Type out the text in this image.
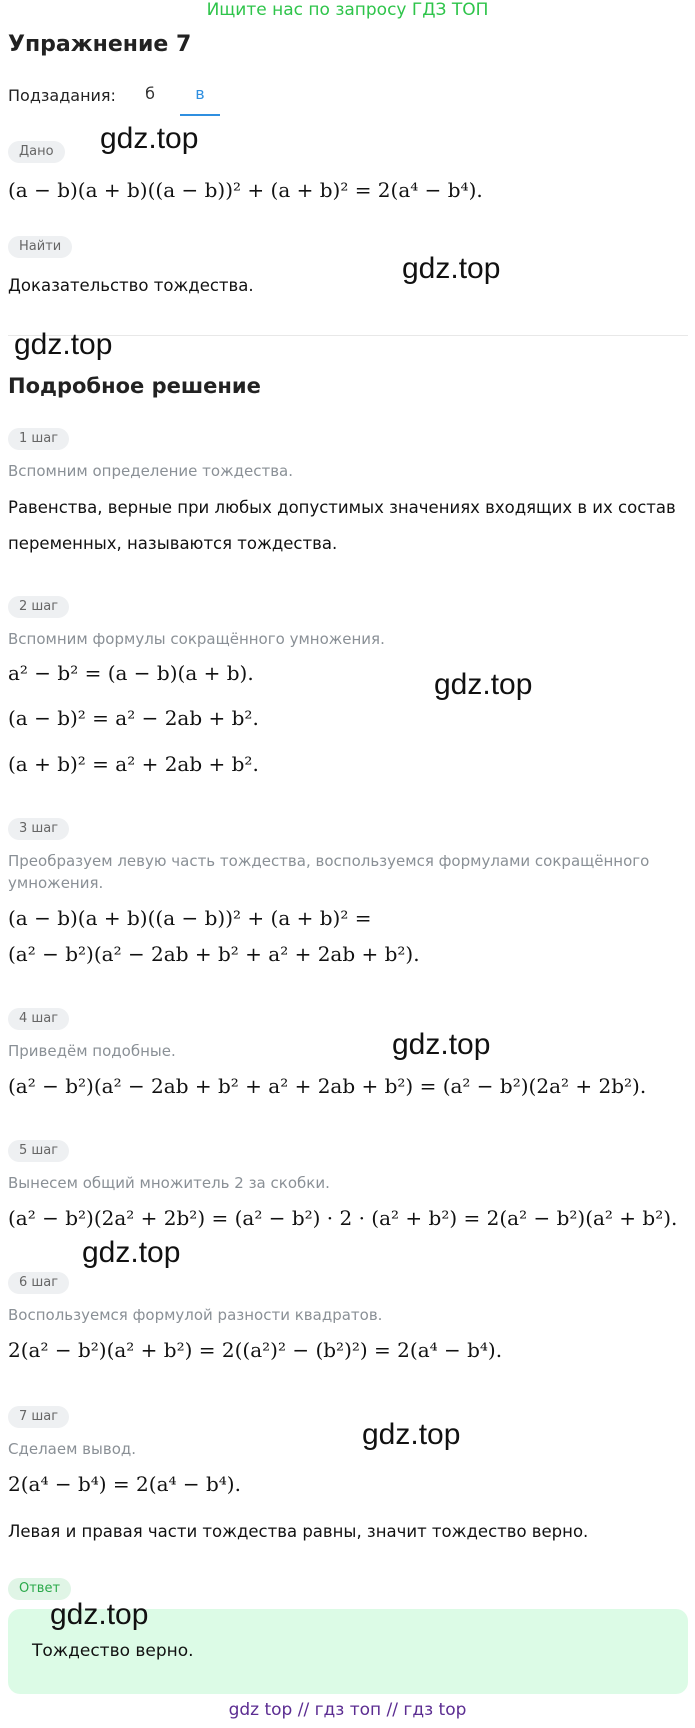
Ищите нас по запросу ГДЗ ТОП
Упражнение 7
Подзадания:	б	в
Дано
(a − b)(a + b)((a − b))² + (a + b)² = 2(a⁴ − b⁴).
Найти
Доказательство тождества.
Подробное решение
1 шаг
Вспомним определение тождества.
Равенства, верные при любых допустимых значениях входящих в их состав
переменных, называются тождества.
2 шаг
Вспомним формулы сокращённого умножения.
a² − b² = (a − b)(a + b).
(a − b)² = a² − 2ab + b².
(a + b)² = a² + 2ab + b².
3 шаг
Преобразуем левую часть тождества, воспользуемся формулами сокращённого
умножения.
(a − b)(a + b)((a − b))² + (a + b)² =
(a² − b²)(a² − 2ab + b² + a² + 2ab + b²).
4 шаг
Приведём подобные.
(a² − b²)(a² − 2ab + b² + a² + 2ab + b²) = (a² − b²)(2a² + 2b²).
5 шаг
Вынесем общий множитель 2 за скобки.
(a² − b²)(2a² + 2b²) = (a² − b²) · 2 · (a² + b²) = 2(a² − b²)(a² + b²).
6 шаг
Воспользуемся формулой разности квадратов.
2(a² − b²)(a² + b²) = 2((a²)² − (b²)²) = 2(a⁴ − b⁴).
7 шаг
Сделаем вывод.
2(a⁴ − b⁴) = 2(a⁴ − b⁴).
Левая и правая части тождества равны, значит тождество верно.
Ответ
Тождество верно.
gdz.top
gdz.top
gdz.top
gdz.top
gdz.top
gdz.top
gdz.top
gdz.top
gdz top // гдз топ // гдз top
